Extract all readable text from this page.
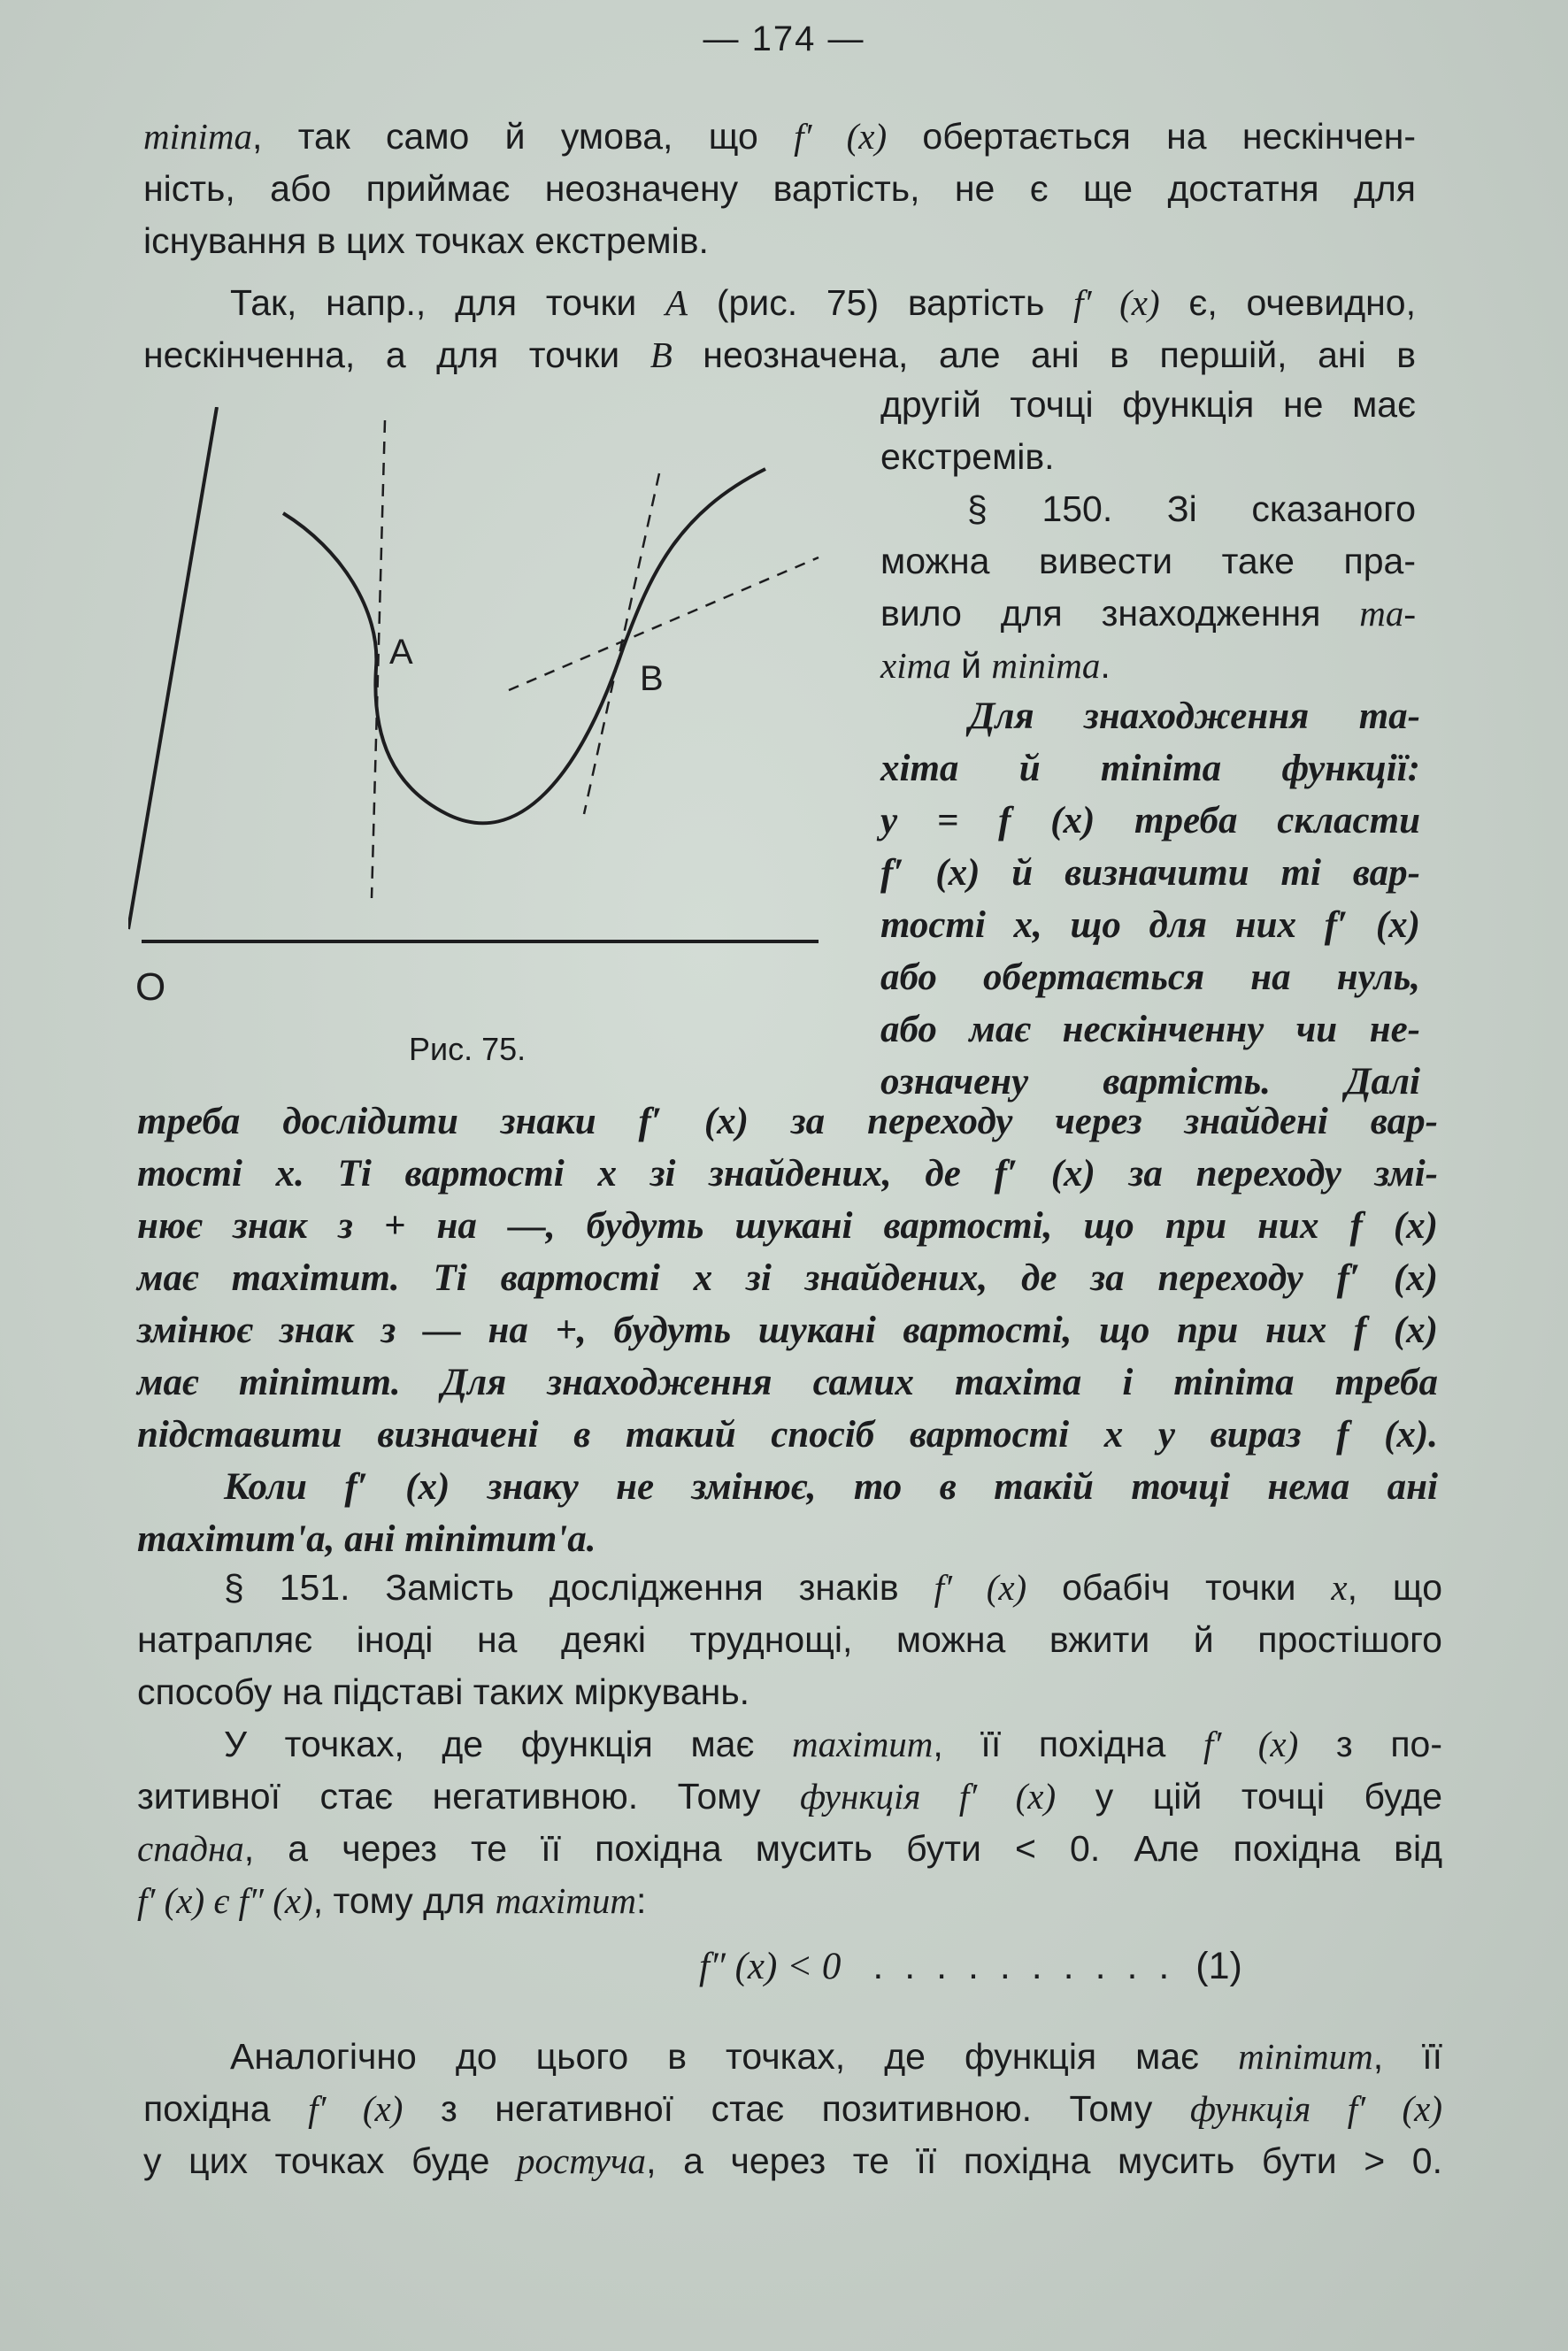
— 174 —
minima, так само й умова, що f′ (x) обертається на нескінчен-
ність, або приймає неозначену вартість, не є ще достатня для
існування в цих точках екстремів.
Так, напр., для точки A (рис. 75) вартість f′ (x) є, очевидно,
нескінченна, а для точки B неозначена, але ані в першій, ані в
другій точці функція не має
екстремів.
§ 150. Зі сказаного
можна вивести таке пра-
вило для знаходження ma-
xima й minima.
Для знаходження ma-
xima й minima функції:
y = f (x) треба скласти
f′ (x) й визначити ті вар-
тості x, що для них f′ (x)
або обертається на нуль,
або має нескінченну чи не-
означену вартість. Далі
A
B
O
Рис. 75.
треба дослідити знаки f′ (x) за переходу через знайдені вар-
тості x. Ті вартості x зі знайдених, де f′ (x) за переходу змі-
нює знак з + на —, будуть шукані вартості, що при них f (x)
має maximum. Ті вартості x зі знайдених, де за переходу f′ (x)
змінює знак з — на +, будуть шукані вартості, що при них f (x)
має minimum. Для знаходження самих maxima і minima треба
підставити визначені в такий спосіб вартості x у вираз f (x).
Коли f′ (x) знаку не змінює, то в такій точці нема ані
maximum'a, ані minimum'a.
§ 151. Замість дослідження знаків f′ (x) обабіч точки x, що
натрапляє іноді на деякі труднощі, можна вжити й простішого
способу на підставі таких міркувань.
У точках, де функція має maximum, її похідна f′ (x) з по-
зитивної стає негативною. Тому функція f′ (x) у цій точці буде
спадна, а через те її похідна мусить бути < 0. Але похідна від
f′ (x) є f″ (x), тому для maximum:
f″ (x) < 0 . . . . . . . . . . (1)
Аналогічно до цього в точках, де функція має minimum, її
похідна f′ (x) з негативної стає позитивною. Тому функція f′ (x)
у цих точках буде ростуча, а через те її похідна мусить бути > 0.
